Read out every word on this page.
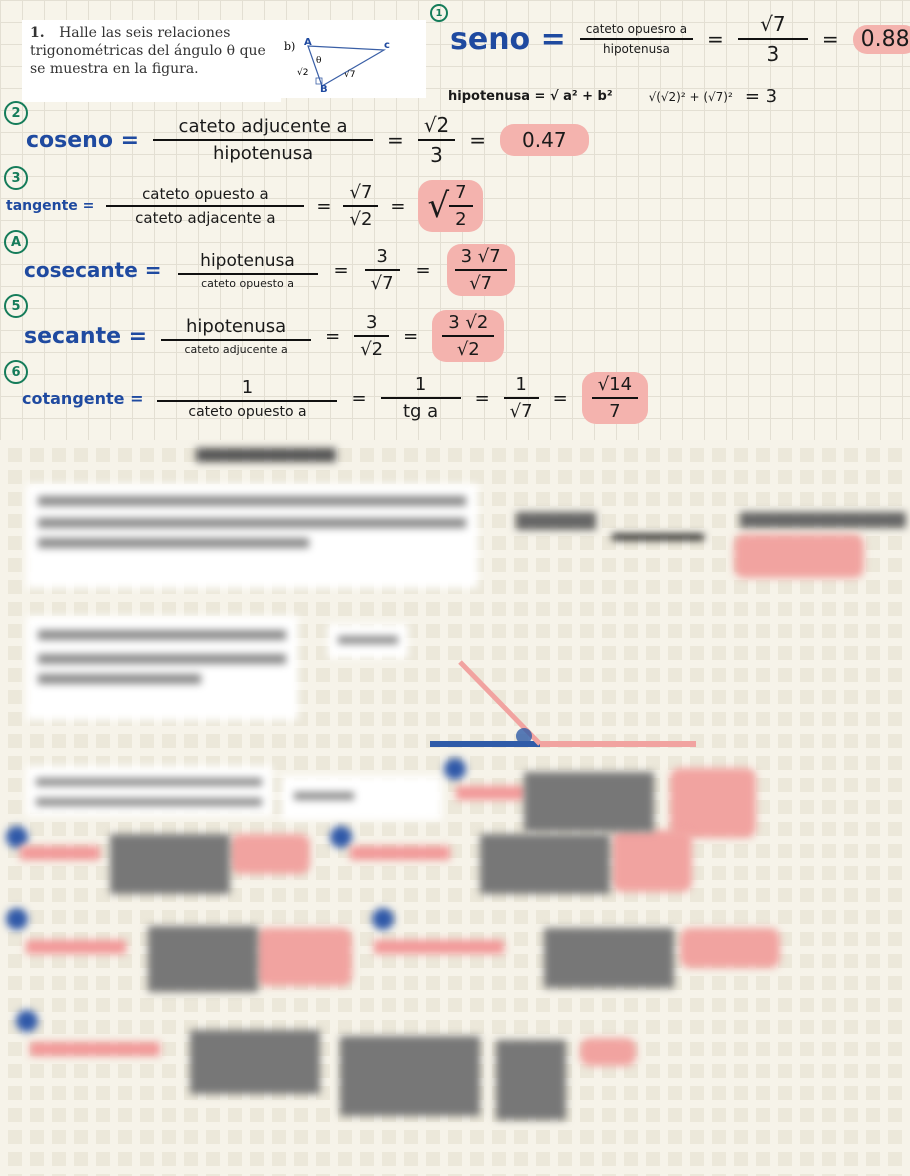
1. Halle las seis relaciones trigonométricas del ángulo θ que se muestra en la figura.
b) A
B
c
θ
√2	√7
1
seno = $\frac{\text{cateto opuesro a}}{\text{hipotenusa}} = \frac{√7}{3}$ =	0.88
hipotenusa = √ a² + b²	√(√2)² + (√7)² = 3
2
coseno = $\frac{\text{cateto adjucente a}}{\text{hipotenusa}} = \frac{√2}{3}$ =	0.47
3
tangente = $\frac{\text{cateto opuesto a}}{\text{cateto adjacente a}} = \frac{√7}{√2}$ = √ $\frac{7}{2}$
A
cosecante = $\frac{\text{hipotenusa}}{\text{cateto opuesto a}} = \frac{3}{√7} = \frac{3 √7}{√7}$
5
secante = $\frac{\text{hipotenusa}}{\text{cateto adjucente a}} = \frac{3}{√2} = \frac{3 √2}{√2}$
6
cotangente = $\frac{1}{\text{cateto opuesto a}} = \frac{1}{\text{tg a}} = \frac{1}{√7} = \frac{√14}{7}$
